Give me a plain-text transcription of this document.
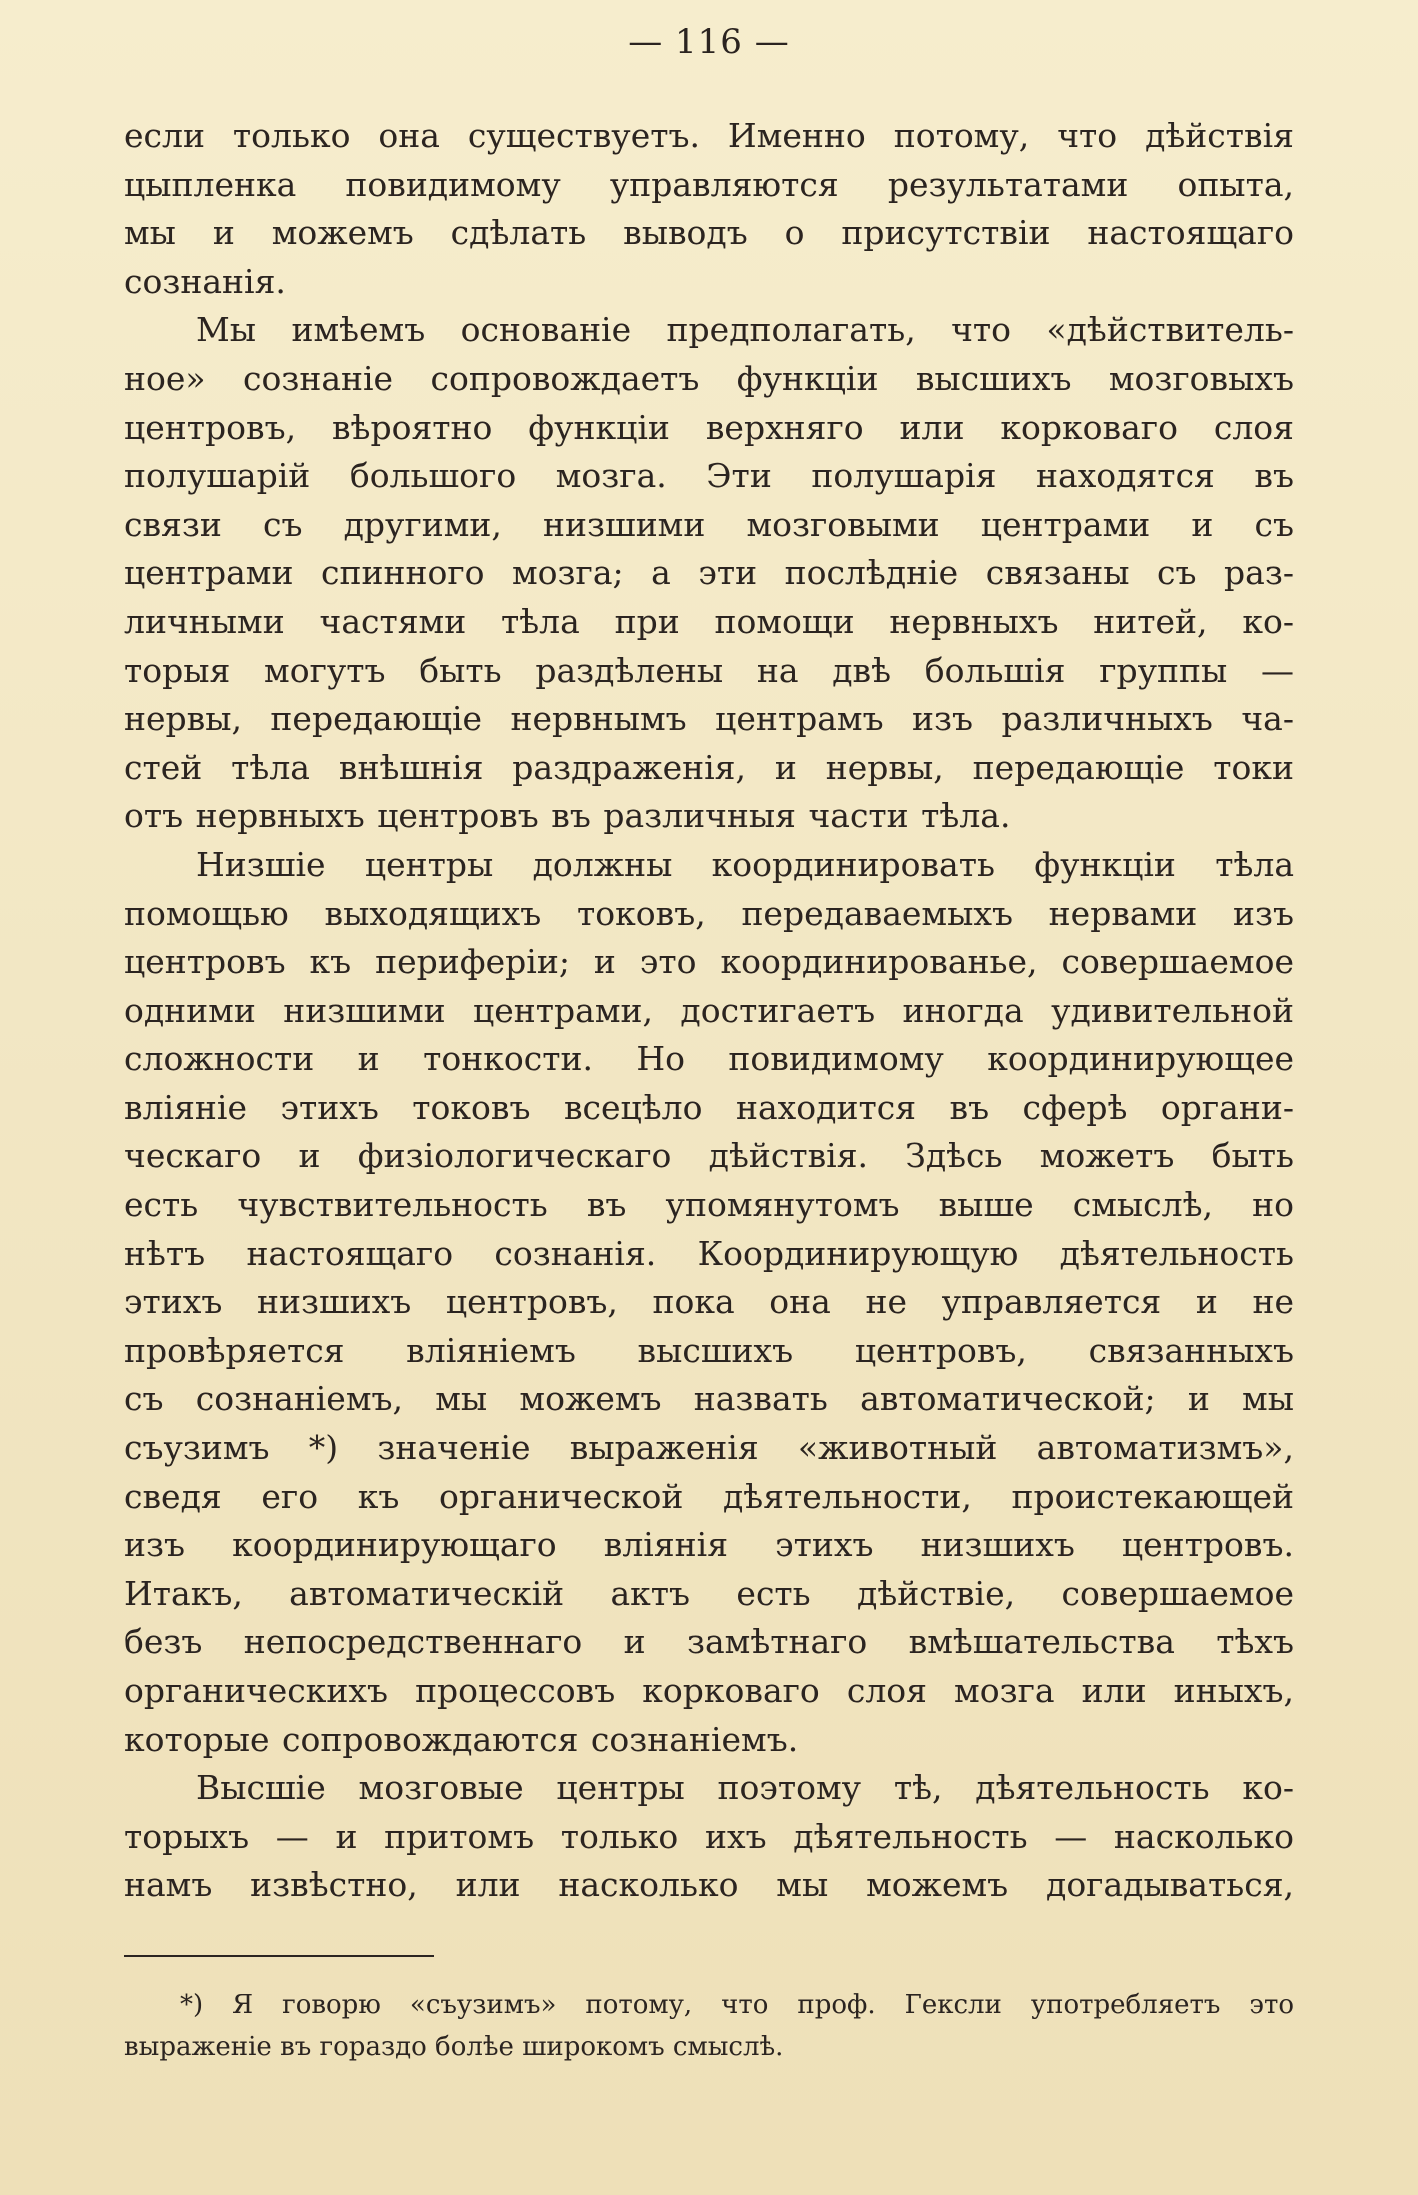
— 116 —
если только она существуетъ. Именно потому, что дѣйствія
цыпленка повидимому управляются результатами опыта,
мы и можемъ сдѣлать выводъ о присутствіи настоящаго
сознанія.
Мы имѣемъ основаніе предполагать, что «дѣйствитель-
ное» сознаніе сопровождаетъ функціи высшихъ мозговыхъ
центровъ, вѣроятно функціи верхняго или корковаго слоя
полушарій большого мозга. Эти полушарія находятся въ
связи съ другими, низшими мозговыми центрами и съ
центрами спинного мозга; а эти послѣдніе связаны съ раз-
личными частями тѣла при помощи нервныхъ нитей, ко-
торыя могутъ быть раздѣлены на двѣ большія группы —
нервы, передающіе нервнымъ центрамъ изъ различныхъ ча-
стей тѣла внѣшнія раздраженія, и нервы, передающіе токи
отъ нервныхъ центровъ въ различныя части тѣла.
Низшіе центры должны координировать функціи тѣла
помощью выходящихъ токовъ, передаваемыхъ нервами изъ
центровъ къ периферіи; и это координированье, совершаемое
одними низшими центрами, достигаетъ иногда удивительной
сложности и тонкости. Но повидимому координирующее
вліяніе этихъ токовъ всецѣло находится въ сферѣ органи-
ческаго и физіологическаго дѣйствія. Здѣсь можетъ быть
есть чувствительность въ упомянутомъ выше смыслѣ, но
нѣтъ настоящаго сознанія. Координирующую дѣятельность
этихъ низшихъ центровъ, пока она не управляется и не
провѣряется вліяніемъ высшихъ центровъ, связанныхъ
съ сознаніемъ, мы можемъ назвать автоматической; и мы
съузимъ *) значеніе выраженія «животный автоматизмъ»,
сведя его къ органической дѣятельности, проистекающей
изъ координирующаго вліянія этихъ низшихъ центровъ.
Итакъ, автоматическій актъ есть дѣйствіе, совершаемое
безъ непосредственнаго и замѣтнаго вмѣшательства тѣхъ
органическихъ процессовъ корковаго слоя мозга или иныхъ,
которые сопровождаются сознаніемъ.
Высшіе мозговые центры поэтому тѣ, дѣятельность ко-
торыхъ — и притомъ только ихъ дѣятельность — насколько
намъ извѣстно, или насколько мы можемъ догадываться,
*) Я говорю «съузимъ» потому, что проф. Гексли употребляетъ это
выраженіе въ гораздо болѣе широкомъ смыслѣ.
